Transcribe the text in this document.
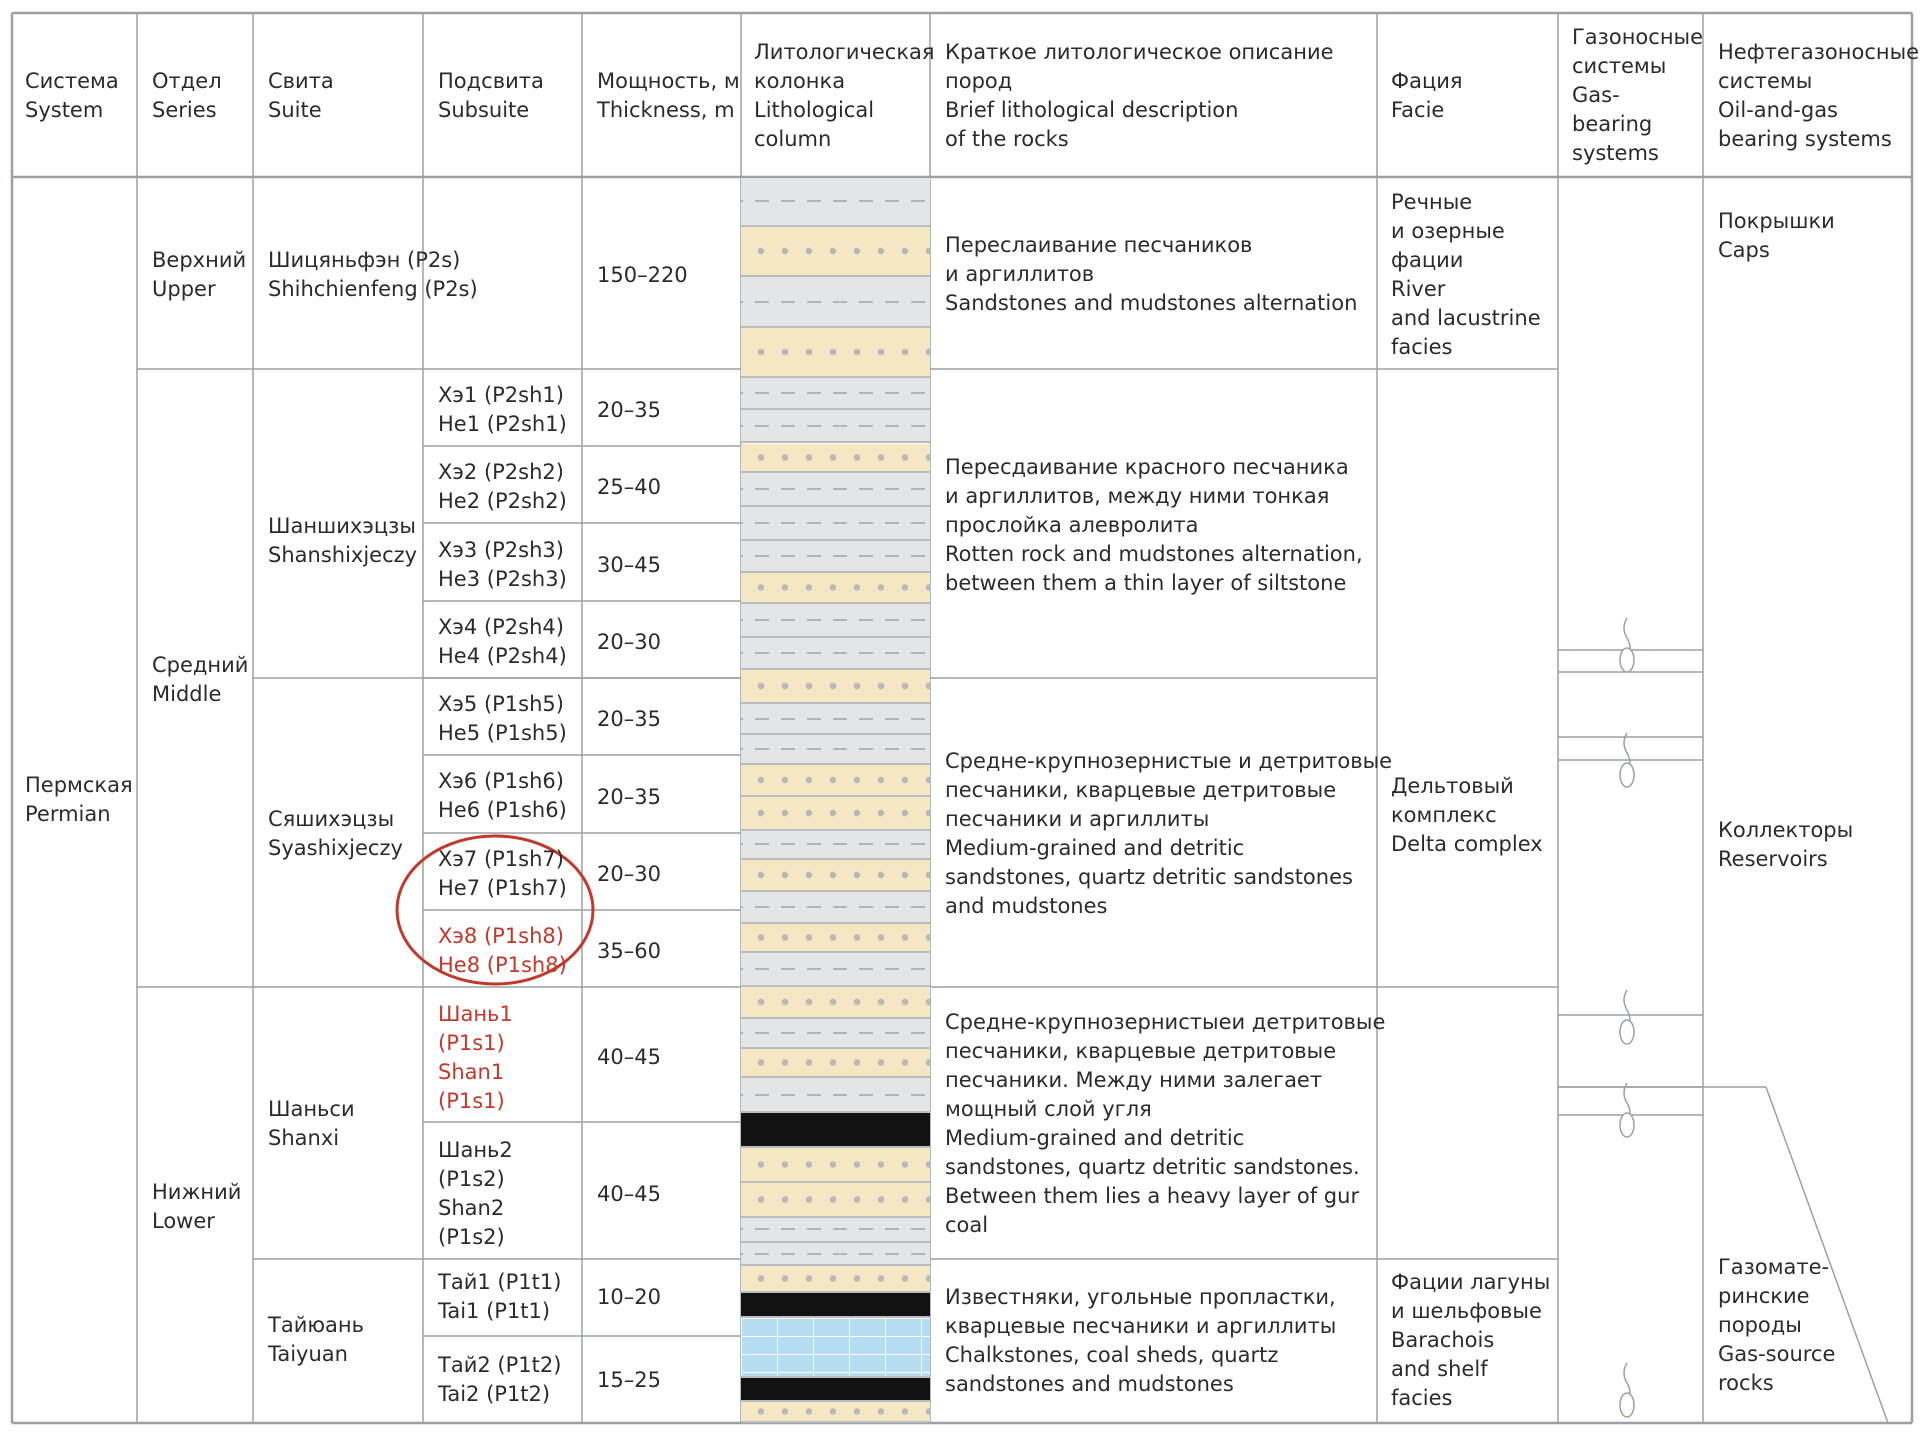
Система
System
Отдел
Series
Свита
Suite
Подсвита
Subsuite
Мощность, м
Thickness, m
Литологическая
колонка
Lithological
column
Краткое литологическое описание
пород
Brief lithological description
of the rocks
Фация
Facie
Газоносные
системы
Gas-
bearing
systems
Нефтегазоносные
системы
Oil-and-gas
bearing systems
Пермская
Permian
Верхний
Upper
Средний
Middle
Нижний
Lower
Шицяньфэн (P2s)
Shihchienfeng (P2s)
Шаншихэцзы
Shanshixjeczy
Сяшихэцзы
Syashixjeczy
Шаньси
Shanxi
Тайюань
Taiyuan
Хэ1 (P2sh1)
He1 (P2sh1)
Хэ2 (P2sh2)
He2 (P2sh2)
Хэ3 (P2sh3)
He3 (P2sh3)
Хэ4 (P2sh4)
He4 (P2sh4)
Хэ5 (P1sh5)
He5 (P1sh5)
Хэ6 (P1sh6)
He6 (P1sh6)
Хэ7 (P1sh7)
He7 (P1sh7)
Хэ8 (P1sh8)
He8 (P1sh8)
Шань1
(P1s1)
Shan1
(P1s1)
Шань2
(P1s2)
Shan2
(P1s2)
Тай1 (P1t1)
Tai1 (P1t1)
Тай2 (P1t2)
Tai2 (P1t2)
150–220
20–35
25–40
30–45
20–30
20–35
20–35
20–30
35–60
40–45
40–45
10–20
15–25
Переслаивание песчаников
и аргиллитов
Sandstones and mudstones alternation
Пересдаивание красного песчаника
и аргиллитов, между ними тонкая
прослойка алевролита
Rotten rock and mudstones alternation,
between them a thin layer of siltstone
Средне-крупнозернистые и детритовые
песчаники, кварцевые детритовые
песчаники и аргиллиты
Medium-grained and detritic
sandstones, quartz detritic sandstones
and mudstones
Средне-крупнозернистыеи детритовые
песчаники, кварцевые детритовые
песчаники. Между ними залегает
мощный слой угля
Medium-grained and detritic
sandstones, quartz detritic sandstones.
Between them lies a heavy layer of gur
coal
Известняки, угольные пропластки,
кварцевые песчаники и аргиллиты
Chalkstones, coal sheds, quartz
sandstones and mudstones
Речные
и озерные
фации
River
and lacustrine
facies
Дельтовый
комплекс
Delta complex
Фации лагуны
и шельфовые
Barachois
and shelf
facies
Покрышки
Caps
Коллекторы
Reservoirs
Газомате-
ринские
породы
Gas-source
rocks
